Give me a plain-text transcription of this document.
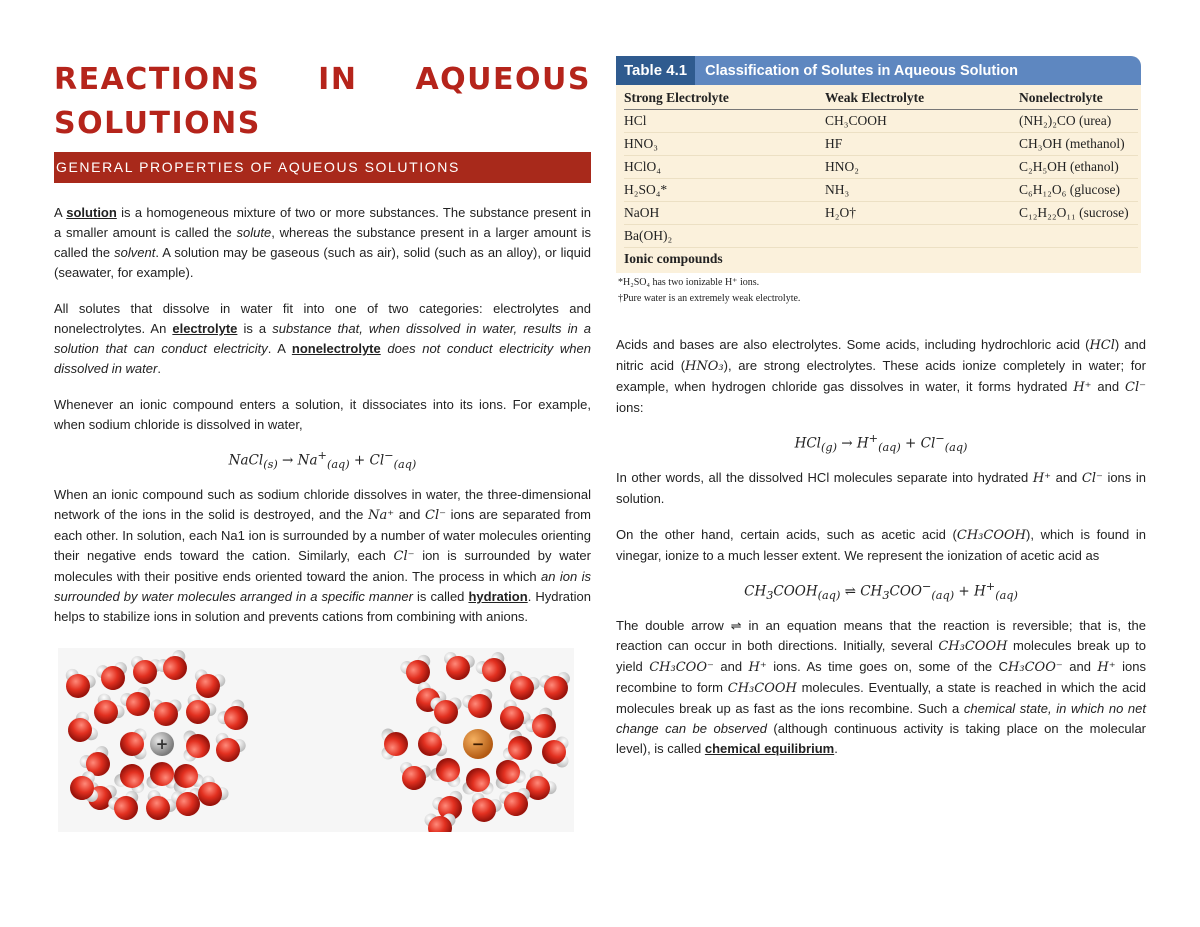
REACTIONS IN AQUEOUS
SOLUTIONS
GENERAL PROPERTIES OF AQUEOUS SOLUTIONS

A solution is a homogeneous mixture of two or more substances. The substance present in a smaller amount is called the solute, whereas the substance present in a larger amount is called the solvent. A solution may be gaseous (such as air), solid (such as an alloy), or liquid (seawater, for example).

All solutes that dissolve in water fit into one of two categories: electrolytes and nonelectrolytes. An electrolyte is a substance that, when dissolved in water, results in a solution that can conduct electricity. A nonelectrolyte does not conduct electricity when dissolved in water.

Whenever an ionic compound enters a solution, it dissociates into its ions. For example, when sodium chloride is dissolved in water,

NaCl$_{(s)}$ → $Na^+_{(aq)} + Cl^-_{(aq)}$

When an ionic compound such as sodium chloride dissolves in water, the three-dimensional network of the ions in the solid is destroyed, and the Na⁺ and Cl⁻ ions are separated from each other. In solution, each Na1 ion is surrounded by a number of water molecules orienting their negative ends toward the cation. Similarly, each Cl⁻ ion is surrounded by water molecules with their positive ends oriented toward the anion. The process in which an ion is surrounded by water molecules arranged in a specific manner is called hydration. Hydration helps to stabilize ions in solution and prevents cations from combining with anions.

+	−
Table 4.1	Classification of Solutes in Aqueous Solution
Strong Electrolyte	Weak Electrolyte	Nonelectrolyte
HCl	CH₃COOH	(NH₂)₂CO (urea)
HNO₃	HF	CH₃OH (methanol)
HClO₄	HNO₂	C₂H₅OH (ethanol)
H₂SO₄*	NH₃	C₆H₁₂O₆ (glucose)
NaOH	H₂O†	C₁₂H₂₂O₁₁ (sucrose)
Ba(OH)₂		
Ionic compounds		
*H₂SO₄ has two ionizable H⁺ ions.
†Pure water is an extremely weak electrolyte.

Acids and bases are also electrolytes. Some acids, including hydrochloric acid (HCl) and nitric acid (HNO₃), are strong electrolytes. These acids ionize completely in water; for example, when hydrogen chloride gas dissolves in water, it forms hydrated H⁺ and Cl⁻ ions:

$HCl_{(g)} \to H^+_{(aq)} + Cl^-_{(aq)}$

In other words, all the dissolved HCl molecules separate into hydrated H⁺ and Cl⁻ ions in solution.

On the other hand, certain acids, such as acetic acid (CH₃COOH), which is found in vinegar, ionize to a much lesser extent. We represent the ionization of acetic acid as

$CH_3COOH_{(aq)}$ ⇌ $CH_3COO^-_{(aq)} + H^+_{(aq)}$

The double arrow ⇌ in an equation means that the reaction is reversible; that is, the reaction can occur in both directions. Initially, several CH₃COOH molecules break up to yield CH₃COO⁻ and H⁺ ions. As time goes on, some of the CH₃COO⁻ and H⁺ ions recombine to form CH₃COOH molecules. Eventually, a state is reached in which the acid molecules break up as fast as the ions recombine. Such a chemical state, in which no net change can be observed (although continuous activity is taking place on the molecular level), is called chemical equilibrium.
